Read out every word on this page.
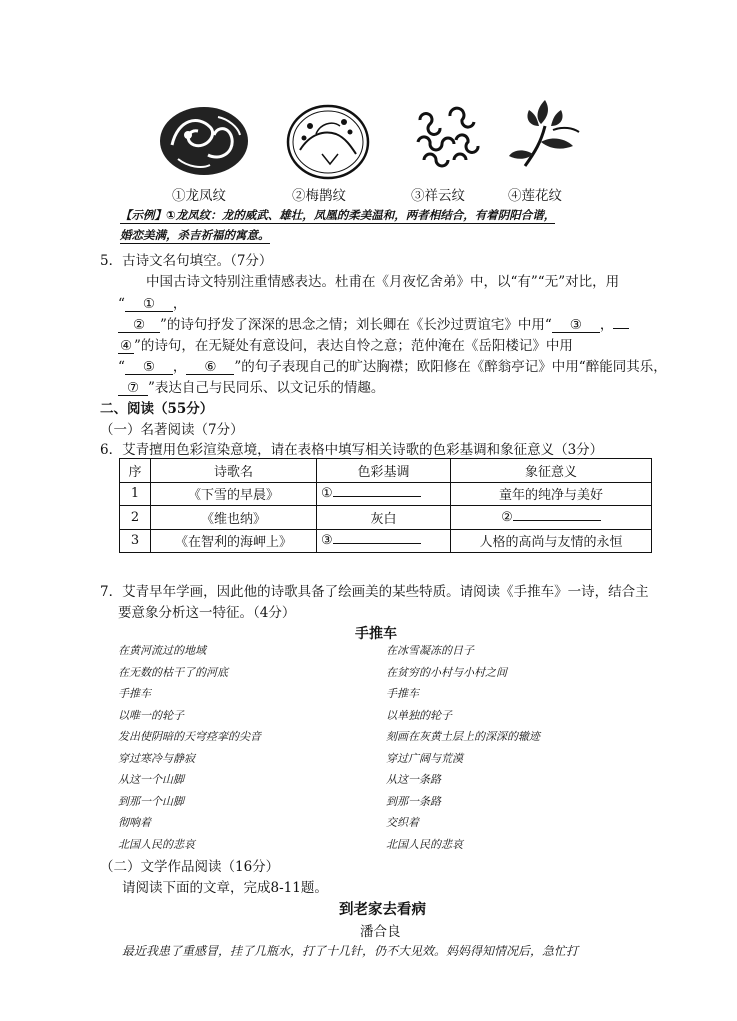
①龙凤纹	②梅鹊纹	③祥云纹	④莲花纹
【示例】①龙凤纹：龙的威武、雄壮，凤凰的柔美温和，两者相结合，有着阴阳合谐，
婚恋美满，杀吉祈福的寓意。
5．古诗文名句填空。（7分）
中国古诗文特别注重情感表达。杜甫在《月夜忆舍弟》中，以“有”“无”对比，用
“ ① ，
② ”的诗句抒发了深深的思念之情；刘长卿在《长沙过贾谊宅》中用“ ③ ，
④ ”的诗句，在无疑处有意设问，表达自怜之意；范仲淹在《岳阳楼记》中用
“ ⑤ ， ⑥ ”的句子表现自己的旷达胸襟；欧阳修在《醉翁亭记》中用“醉能同其乐，
⑦ ”表达自己与民同乐、以文记乐的情趣。
二、阅读（55分）
（一）名著阅读（7分）
6．艾青擅用色彩渲染意境，请在表格中填写相关诗歌的色彩基调和象征意义（3分）
序	诗歌名	色彩基调	象征意义
1	《下雪的早晨》	①	童年的纯净与美好
2	《维也纳》	灰白	②
3	《在智利的海岬上》	③	人格的高尚与友情的永恒
7．艾青早年学画，因此他的诗歌具备了绘画美的某些特质。请阅读《手推车》一诗，结合主
要意象分析这一特征。（4分）
手推车
在黄河流过的地域
在无数的枯干了的河底
手推车
以唯一的轮子
发出使阴暗的天穹痉挛的尖音
穿过寒冷与静寂
从这一个山脚
到那一个山脚
彻响着
北国人民的悲哀
在冰雪凝冻的日子
在贫穷的小村与小村之间
手推车
以单独的轮子
刻画在灰黄土层上的深深的辙迹
穿过广阔与荒漠
从这一条路
到那一条路
交织着
北国人民的悲哀
（二）文学作品阅读（16分）
请阅读下面的文章，完成8-11题。
到老家去看病
潘合良
最近我患了重感冒，挂了几瓶水，打了十几针，仍不大见效。妈妈得知情况后，急忙打
